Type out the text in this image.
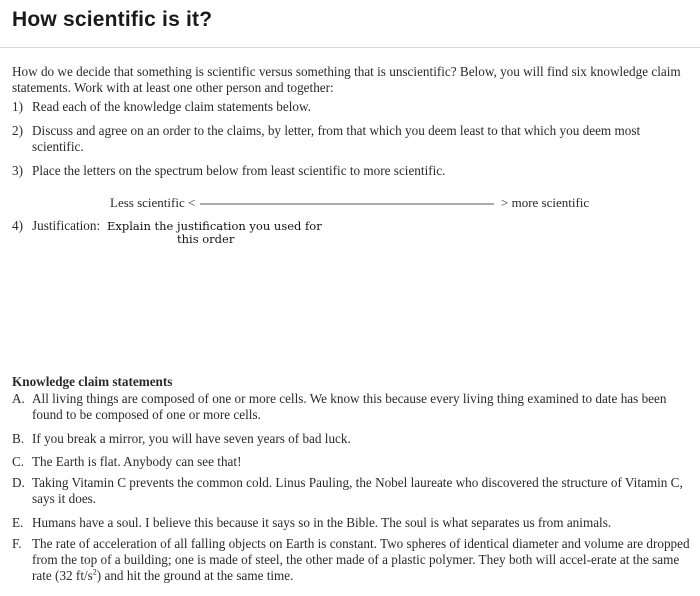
How scientific is it?
How do we decide that something is scientific versus something that is unscientific? Below, you will find six knowledge claim statements. Work with at least one other person and together:
1) Read each of the knowledge claim statements below.
2) Discuss and agree on an order to the claims, by letter, from that which you deem least to that which you deem most scientific.
3) Place the letters on the spectrum below from least scientific to more scientific.
Less scientific <	> more scientific
4) Justification: Explain the justification you used for
this order
Knowledge claim statements
A. All living things are composed of one or more cells. We know this because every living thing examined to date has been found to be composed of one or more cells.
B. If you break a mirror, you will have seven years of bad luck.
C. The Earth is flat. Anybody can see that!
D. Taking Vitamin C prevents the common cold. Linus Pauling, the Nobel laureate who discovered the structure of Vitamin C, says it does.
E. Humans have a soul. I believe this because it says so in the Bible. The soul is what separates us from animals.
F. The rate of acceleration of all falling objects on Earth is constant. Two spheres of identical diameter and volume are dropped from the top of a building; one is made of steel, the other made of a plastic polymer. They both will accel-erate at the same rate (32 $ft/s^2$) and hit the ground at the same time.
